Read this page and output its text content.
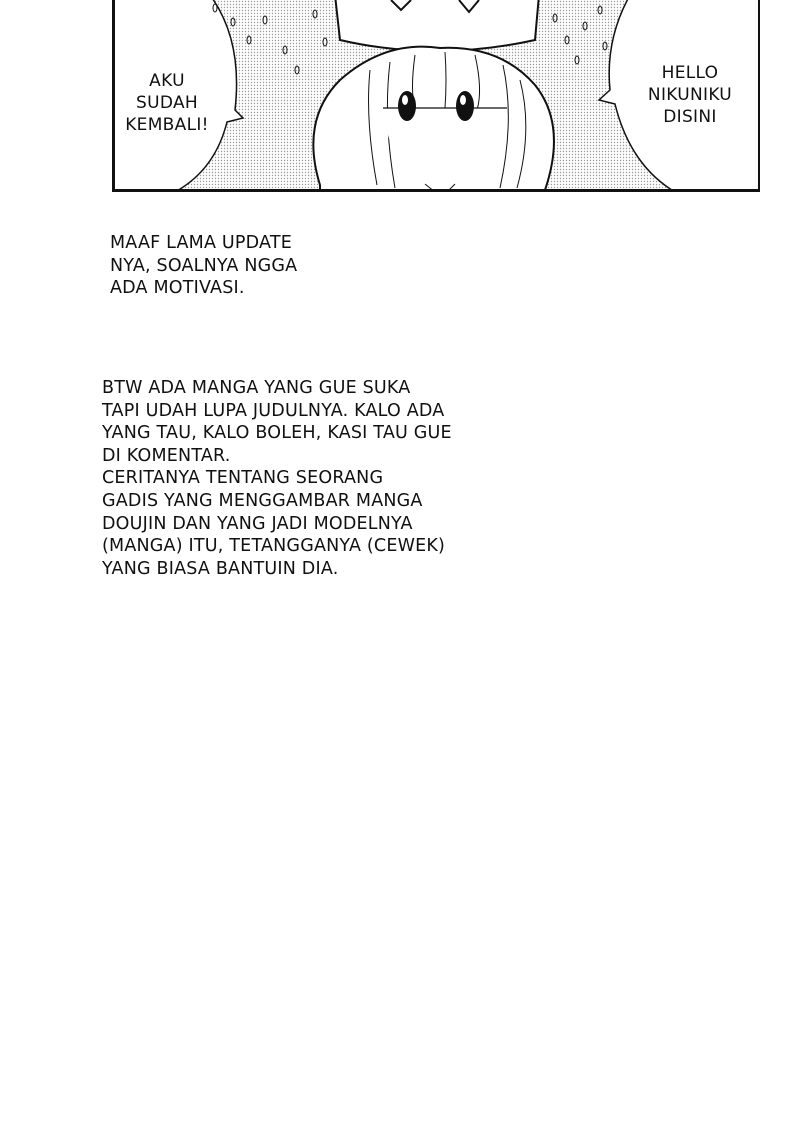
AKU
SUDAH
KEMBALI!
HELLO
NIKUNIKU
DISINI
MAAF LAMA UPDATE
NYA, SOALNYA NGGA
ADA MOTIVASI.
BTW ADA MANGA YANG GUE SUKA
TAPI UDAH LUPA JUDULNYA. KALO ADA
YANG TAU, KALO BOLEH, KASI TAU GUE
DI KOMENTAR.
CERITANYA TENTANG SEORANG
GADIS YANG MENGGAMBAR MANGA
DOUJIN DAN YANG JADI MODELNYA
(MANGA) ITU, TETANGGANYA (CEWEK)
YANG BIASA BANTUIN DIA.
